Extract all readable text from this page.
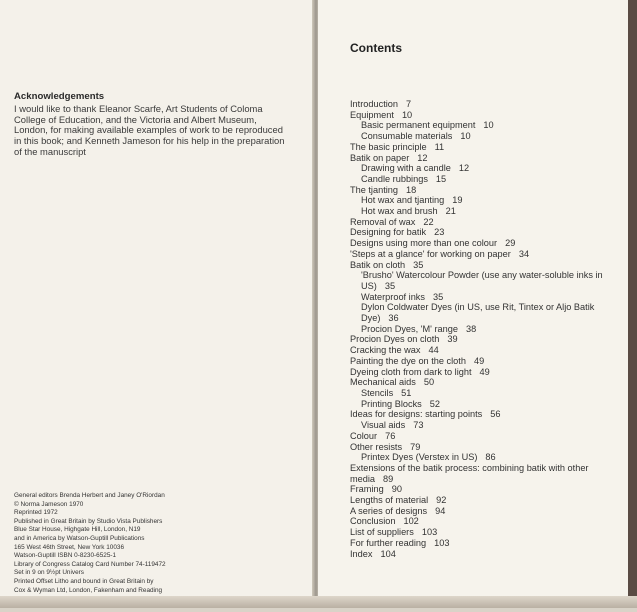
Acknowledgements
I would like to thank Eleanor Scarfe, Art Students of Coloma
College of Education, and the Victoria and Albert Museum,
London, for making available examples of work to be reproduced
in this book; and Kenneth Jameson for his help in the preparation
of the manuscript
General editors Brenda Herbert and Janey O'Riordan
© Norma Jameson 1970
Reprinted 1972
Published in Great Britain by Studio Vista Publishers
Blue Star House, Highgate Hill, London, N19
and in America by Watson-Guptill Publications
165 West 46th Street, New York 10036
Watson-Guptill ISBN 0-8230-6525-1
Library of Congress Catalog Card Number 74-119472
Set in 9 on 9½pt Univers
Printed Offset Litho and bound in Great Britain by
Cox & Wyman Ltd, London, Fakenham and Reading
Contents
Introduction 7
Equipment 10
Basic permanent equipment 10
Consumable materials 10
The basic principle 11
Batik on paper 12
Drawing with a candle 12
Candle rubbings 15
The tjanting 18
Hot wax and tjanting 19
Hot wax and brush 21
Removal of wax 22
Designing for batik 23
Designs using more than one colour 29
'Steps at a glance' for working on paper 34
Batik on cloth 35
'Brusho' Watercolour Powder (use any water-soluble inks in US) 35
Waterproof inks 35
Dylon Coldwater Dyes (in US, use Rit, Tintex or Aljo Batik Dye) 36
Procion Dyes, 'M' range 38
Procion Dyes on cloth 39
Cracking the wax 44
Painting the dye on the cloth 49
Dyeing cloth from dark to light 49
Mechanical aids 50
Stencils 51
Printing Blocks 52
Ideas for designs: starting points 56
Visual aids 73
Colour 76
Other resists 79
Printex Dyes (Verstex in US) 86
Extensions of the batik process: combining batik with other media 89
Framing 90
Lengths of material 92
A series of designs 94
Conclusion 102
List of suppliers 103
For further reading 103
Index 104
